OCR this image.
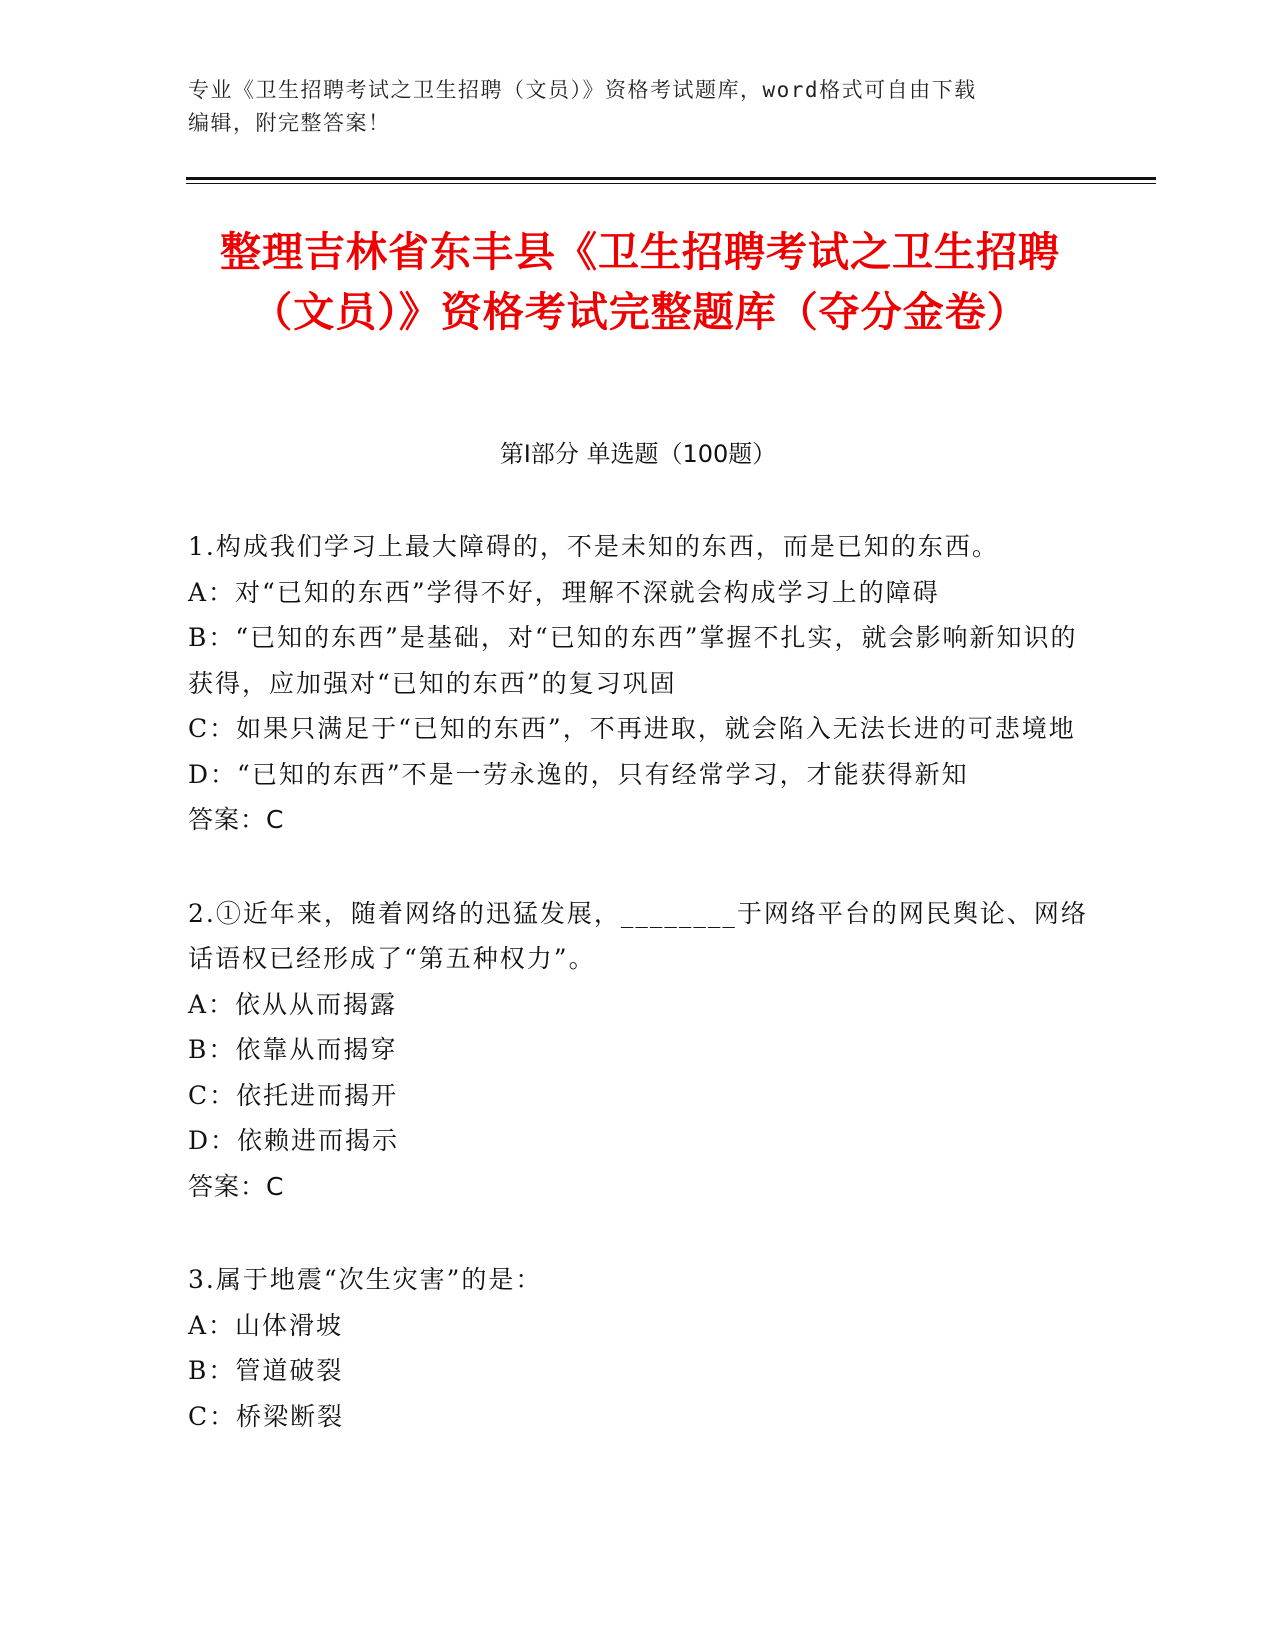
专业《卫生招聘考试之卫生招聘（文员）》资格考试题库，word格式可自由下载
编辑，附完整答案！
整理吉林省东丰县《卫生招聘考试之卫生招聘（文员）》资格考试完整题库（夺分金卷）
第Ⅰ部分 单选题（100题）

1.构成我们学习上最大障碍的，不是未知的东西，而是已知的东西。

A：对“已知的东西”学得不好，理解不深就会构成学习上的障碍

B：“已知的东西”是基础，对“已知的东西”掌握不扎实，就会影响新知识的获得，应加强对“已知的东西”的复习巩固

C：如果只满足于“已知的东西”，不再进取，就会陷入无法长进的可悲境地

D：“已知的东西”不是一劳永逸的，只有经常学习，才能获得新知

答案：C

2.①近年来，随着网络的迅猛发展，________于网络平台的网民舆论、网络话语权已经形成了“第五种权力”。

A：依从从而揭露

B：依靠从而揭穿

C：依托进而揭开

D：依赖进而揭示

答案：C

3.属于地震“次生灾害”的是：

A：山体滑坡

B：管道破裂

C：桥梁断裂
